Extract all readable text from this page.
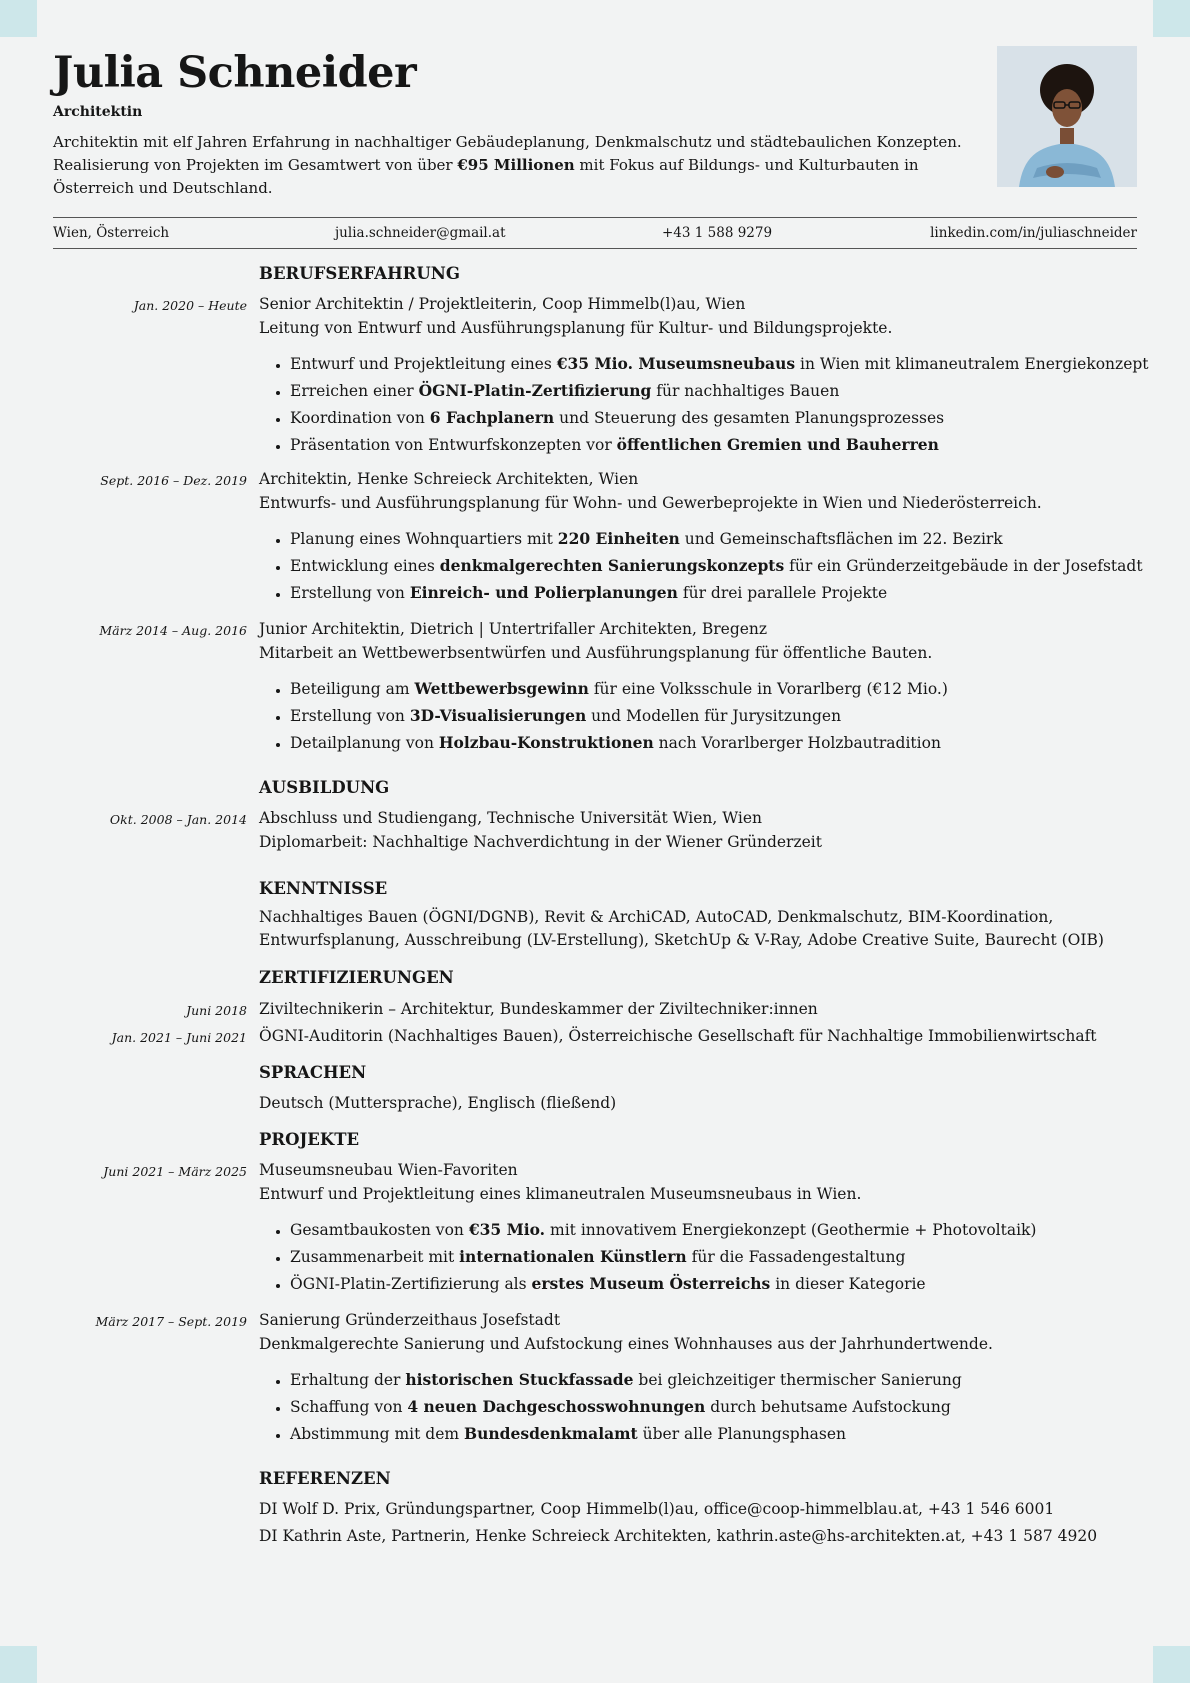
Julia Schneider
Architektin

Architektin mit elf Jahren Erfahrung in nachhaltiger Gebäudeplanung, Denkmalschutz und städtebaulichen Konzepten. Realisierung von Projekten im Gesamtwert von über €95 Millionen mit Fokus auf Bildungs- und Kulturbauten in Österreich und Deutschland.

Wien, Österreich	julia.schneider@gmail.at	+43 1 588 9279	linkedin.com/in/juliaschneider
BERUFSERFAHRUNG
Jan. 2020 – Heute Senior Architektin / Projektleiterin, Coop Himmelb(l)au, Wien
Leitung von Entwurf und Ausführungsplanung für Kultur- und Bildungsprojekte.
• Entwurf und Projektleitung eines €35 Mio. Museumsneubaus in Wien mit klimaneutralem Energiekonzept
• Erreichen einer ÖGNI-Platin-Zertifizierung für nachhaltiges Bauen
• Koordination von 6 Fachplanern und Steuerung des gesamten Planungsprozesses
• Präsentation von Entwurfskonzepten vor öffentlichen Gremien und Bauherren
Sept. 2016 – Dez. 2019 Architektin, Henke Schreieck Architekten, Wien
Entwurfs- und Ausführungsplanung für Wohn- und Gewerbeprojekte in Wien und Niederösterreich.
• Planung eines Wohnquartiers mit 220 Einheiten und Gemeinschaftsflächen im 22. Bezirk
• Entwicklung eines denkmalgerechten Sanierungskonzepts für ein Gründerzeitgebäude in der Josefstadt
• Erstellung von Einreich- und Polierplanungen für drei parallele Projekte
März 2014 – Aug. 2016 Junior Architektin, Dietrich | Untertrifaller Architekten, Bregenz
Mitarbeit an Wettbewerbsentwürfen und Ausführungsplanung für öffentliche Bauten.
• Beteiligung am Wettbewerbsgewinn für eine Volksschule in Vorarlberg (€12 Mio.)
• Erstellung von 3D-Visualisierungen und Modellen für Jurysitzungen
• Detailplanung von Holzbau-Konstruktionen nach Vorarlberger Holzbautradition
AUSBILDUNG
Okt. 2008 – Jan. 2014 Abschluss und Studiengang, Technische Universität Wien, Wien
Diplomarbeit: Nachhaltige Nachverdichtung in der Wiener Gründerzeit
KENNTNISSE

Nachhaltiges Bauen (ÖGNI/DGNB), Revit & ArchiCAD, AutoCAD, Denkmalschutz, BIM-Koordination, Entwurfsplanung, Ausschreibung (LV-Erstellung), SketchUp & V-Ray, Adobe Creative Suite, Baurecht (OIB)

ZERTIFIZIERUNGEN
Juni 2018 Ziviltechnikerin – Architektur, Bundeskammer der Ziviltechniker:innen
Jan. 2021 – Juni 2021 ÖGNI-Auditorin (Nachhaltiges Bauen), Österreichische Gesellschaft für Nachhaltige Immobilienwirtschaft
SPRACHEN
Deutsch (Muttersprache), Englisch (fließend)
PROJEKTE
Juni 2021 – März 2025 Museumsneubau Wien-Favoriten
Entwurf und Projektleitung eines klimaneutralen Museumsneubaus in Wien.
• Gesamtbaukosten von €35 Mio. mit innovativem Energiekonzept (Geothermie + Photovoltaik)
• Zusammenarbeit mit internationalen Künstlern für die Fassadengestaltung
• ÖGNI-Platin-Zertifizierung als erstes Museum Österreichs in dieser Kategorie
März 2017 – Sept. 2019 Sanierung Gründerzeithaus Josefstadt
Denkmalgerechte Sanierung und Aufstockung eines Wohnhauses aus der Jahrhundertwende.
• Erhaltung der historischen Stuckfassade bei gleichzeitiger thermischer Sanierung
• Schaffung von 4 neuen Dachgeschosswohnungen durch behutsame Aufstockung
• Abstimmung mit dem Bundesdenkmalamt über alle Planungsphasen
REFERENZEN
DI Wolf D. Prix, Gründungspartner, Coop Himmelb(l)au, office@coop-himmelblau.at, +43 1 546 6001
DI Kathrin Aste, Partnerin, Henke Schreieck Architekten, kathrin.aste@hs-architekten.at, +43 1 587 4920
